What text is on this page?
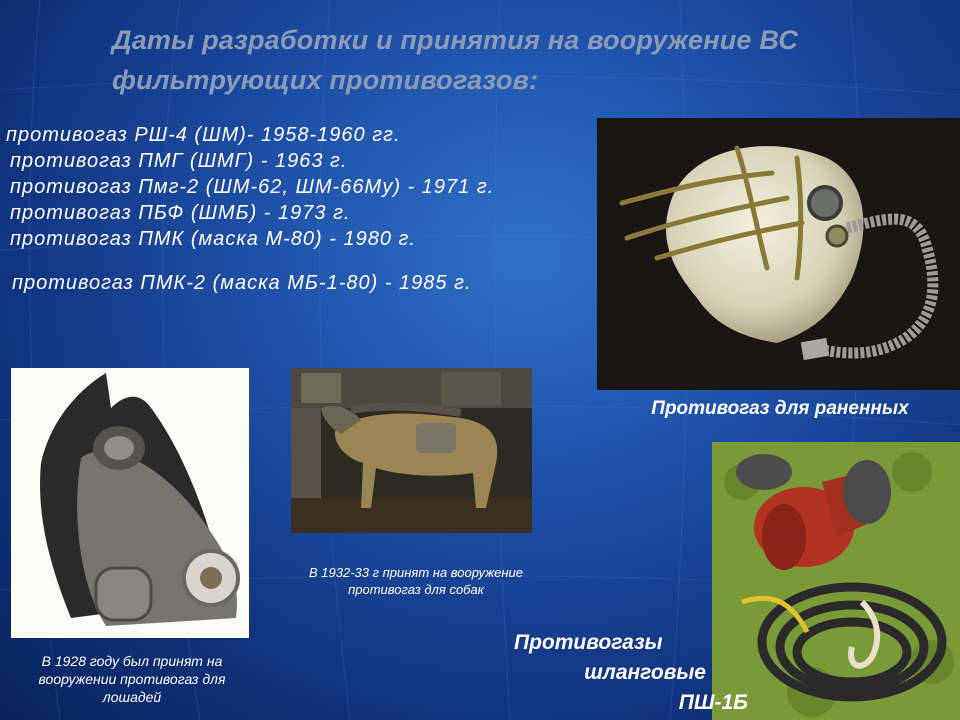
Даты разработки и принятия на вооружение ВС
фильтрующих противогазов:
противогаз РШ-4 (ШМ)- 1958-1960 гг.
противогаз ПМГ (ШМГ) - 1963 г.
противогаз Пмг-2 (ШМ-62, ШМ-66Му) - 1971 г.
противогаз ПБФ (ШМБ) - 1973 г.
противогаз ПМК (маска М-80) - 1980 г.
противогаз ПМК-2 (маска МБ-1-80) - 1985 г.
Противогаз для раненных
В 1928 году был принят на вооружении противогаз для лошадей
В 1932-33 г принят на вооружение противогаз для собак
Противогазы
шланговые
ПШ-1Б
